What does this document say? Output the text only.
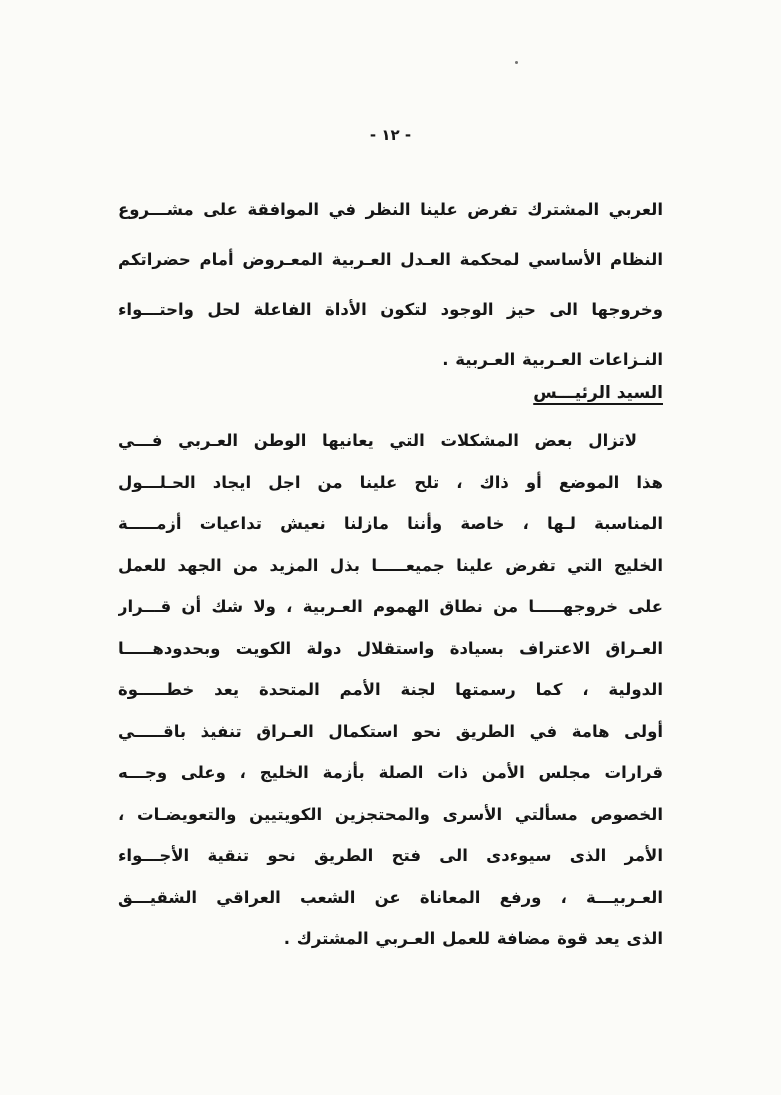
- ١٢ -
العربي المشترك تفرض علينا النظر في الموافقة على مشـــروع
النظام الأساسي لمحكمة العـدل العـربية المعـروض أمام حضراتكم
وخروجها الى حيز الوجود لتكون الأداة الفاعلة لحل واحتـــواء
النـزاعات العـربية العـربية .
السيد الرئيـــس
لاتزال بعض المشكلات التي يعانيها الوطن العـربي فـــي
هذا الموضع أو ذاك ، تلح علينا من اجل ايجاد الحـلـــول
المناسبة لـها ، خاصة وأننا مازلنا نعيش تداعيات أزمـــــة
الخليج التي تفرض علينا جميعـــــا بذل المزيد من الجهد للعمل
على خروجهـــــا من نطاق الهموم العـربية ، ولا شك أن قـــرار
العـراق الاعتراف بسيادة واستقلال دولة الكويت وبحدودهـــــا
الدولية ، كما رسمتها لجنة الأمم المتحدة يعد خطـــــوة
أولى هامة في الطريق نحو استكمال العـراق تنفيذ باقـــــي
قرارات مجلس الأمن ذات الصلة بأزمة الخليج ، وعلى وجـــه
الخصوص مسألتي الأسرى والمحتجزين الكويتيين والتعويضـات ،
الأمر الذى سيوءدى الى فتح الطريق نحو تنقية الأجـــواء
العـربيـــة ، ورفع المعاناة عن الشعب العراقي الشقيـــق
الذى يعد قوة مضافة للعمل العـربي المشترك .
